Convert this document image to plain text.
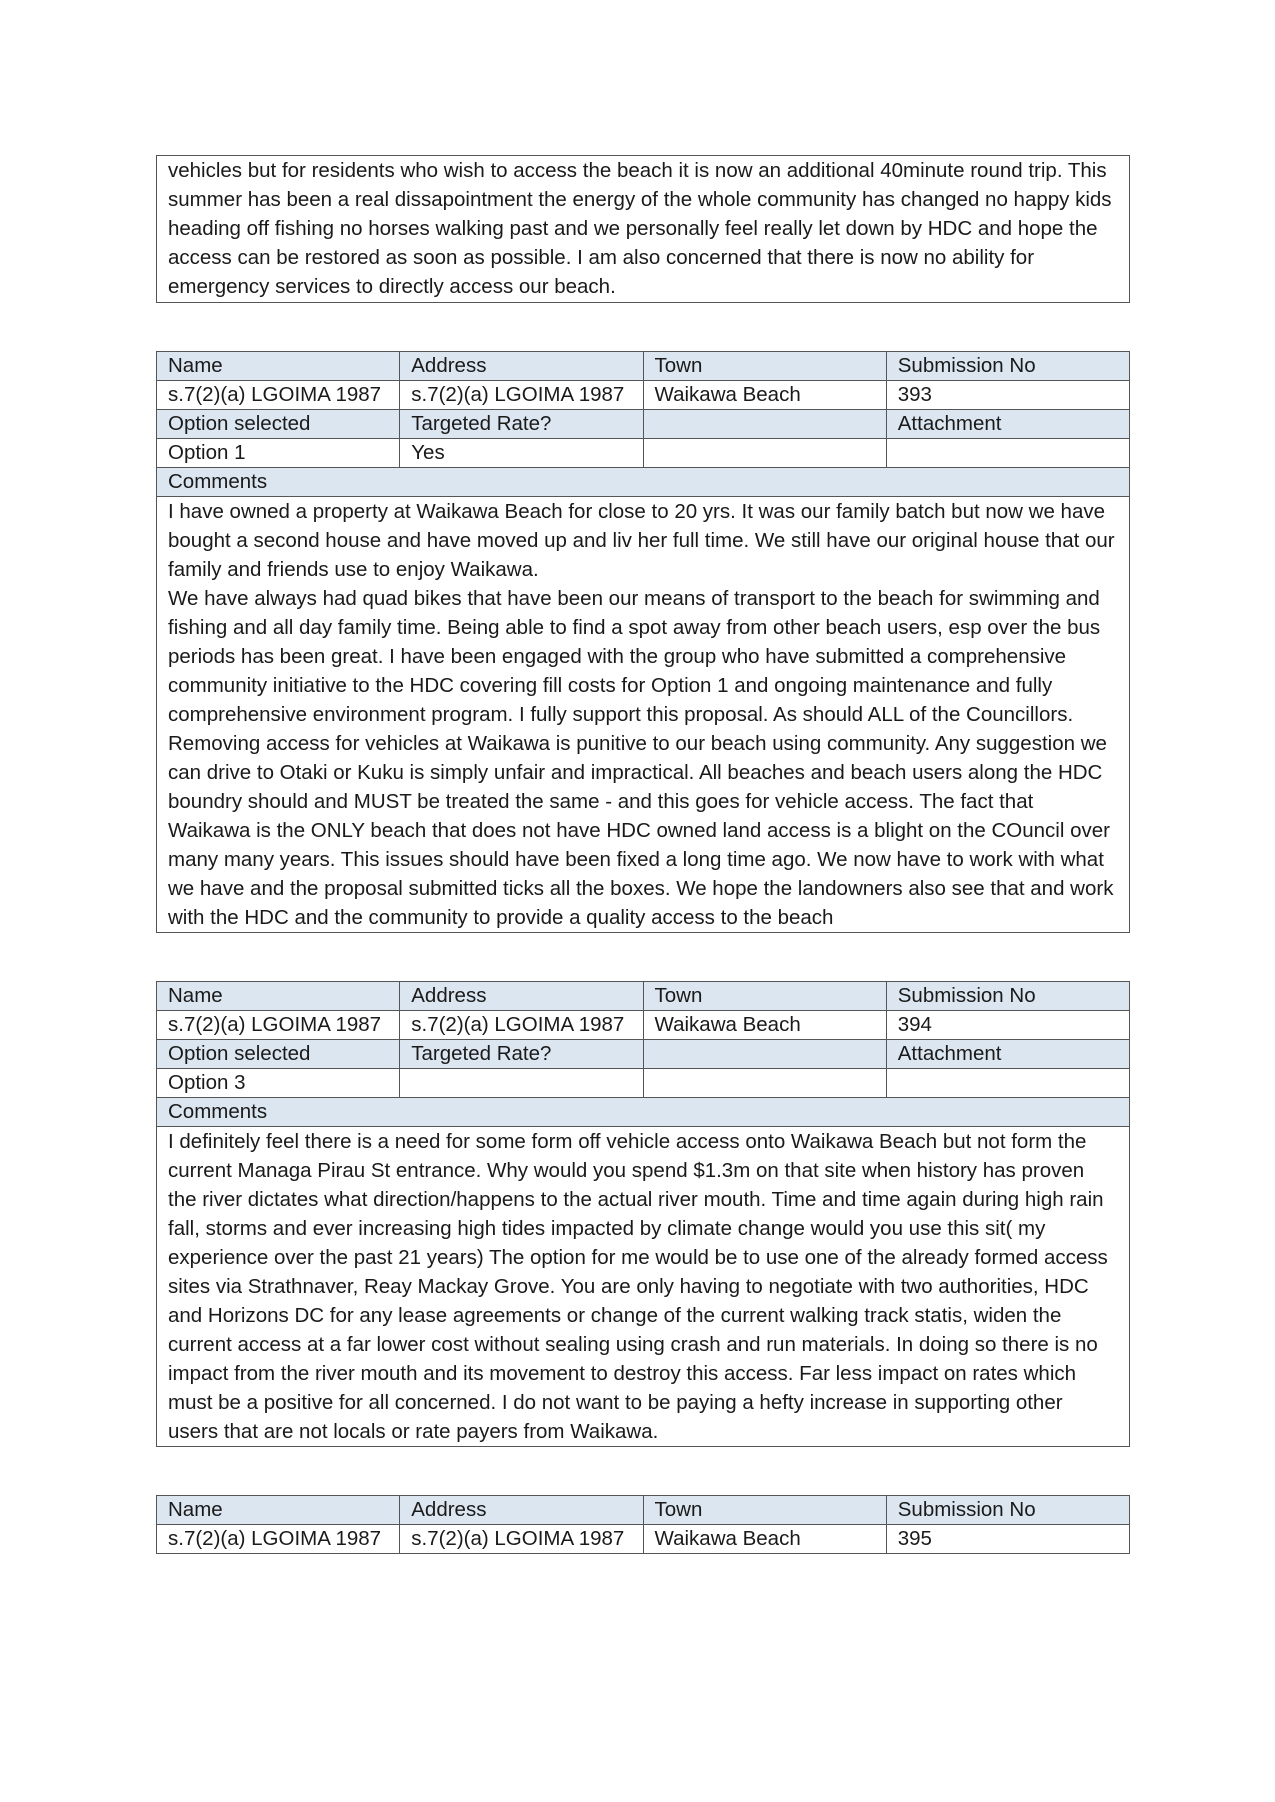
vehicles but for residents who wish to access the beach it is now an additional 40minute round trip. This summer has been a real dissapointment the energy of the whole community has changed no happy kids heading off fishing no horses walking past and we personally feel really let down by HDC and hope the access can be restored as soon as possible. I am also concerned that there is now no ability for emergency services to directly access our beach.

Name	Address	Town	Submission No
s.7(2)(a) LGOIMA 1987	s.7(2)(a) LGOIMA 1987	Waikawa Beach	393
Option selected	Targeted Rate?		Attachment
Option 1	Yes		
Comments			

I have owned a property at Waikawa Beach for close to 20 yrs. It was our family batch but now we have bought a second house and have moved up and liv her full time. We still have our original house that our family and friends use to enjoy Waikawa.
We have always had quad bikes that have been our means of transport to the beach for swimming and fishing and all day family time. Being able to find a spot away from other beach users, esp over the bus periods has been great. I have been engaged with the group who have submitted a comprehensive community initiative to the HDC covering fill costs for Option 1 and ongoing maintenance and fully comprehensive environment program. I fully support this proposal. As should ALL of the Councillors.
Removing access for vehicles at Waikawa is punitive to our beach using community. Any suggestion we can drive to Otaki or Kuku is simply unfair and impractical. All beaches and beach users along the HDC boundry should and MUST be treated the same - and this goes for vehicle access. The fact that Waikawa is the ONLY beach that does not have HDC owned land access is a blight on the COuncil over many many years. This issues should have been fixed a long time ago. We now have to work with what we have and the proposal submitted ticks all the boxes. We hope the landowners also see that and work with the HDC and the community to provide a quality access to the beach			
Name	Address	Town	Submission No
s.7(2)(a) LGOIMA 1987	s.7(2)(a) LGOIMA 1987	Waikawa Beach	394
Option selected	Targeted Rate?		Attachment
Option 3			
Comments			

I definitely feel there is a need for some form off vehicle access onto Waikawa Beach but not form the current Managa Pirau St entrance. Why would you spend $1.3m on that site when history has proven the river dictates what direction/happens to the actual river mouth. Time and time again during high rain fall, storms and ever increasing high tides impacted by climate change would you use this sit( my experience over the past 21 years) The option for me would be to use one of the already formed access sites via Strathnaver, Reay Mackay Grove. You are only having to negotiate with two authorities, HDC and Horizons DC for any lease agreements or change of the current walking track statis, widen the current access at a far lower cost without sealing using crash and run materials. In doing so there is no impact from the river mouth and its movement to destroy this access. Far less impact on rates which must be a positive for all concerned. I do not want to be paying a hefty increase in supporting other users that are not locals or rate payers from Waikawa.			
Name	Address	Town	Submission No
s.7(2)(a) LGOIMA 1987	s.7(2)(a) LGOIMA 1987	Waikawa Beach	395
